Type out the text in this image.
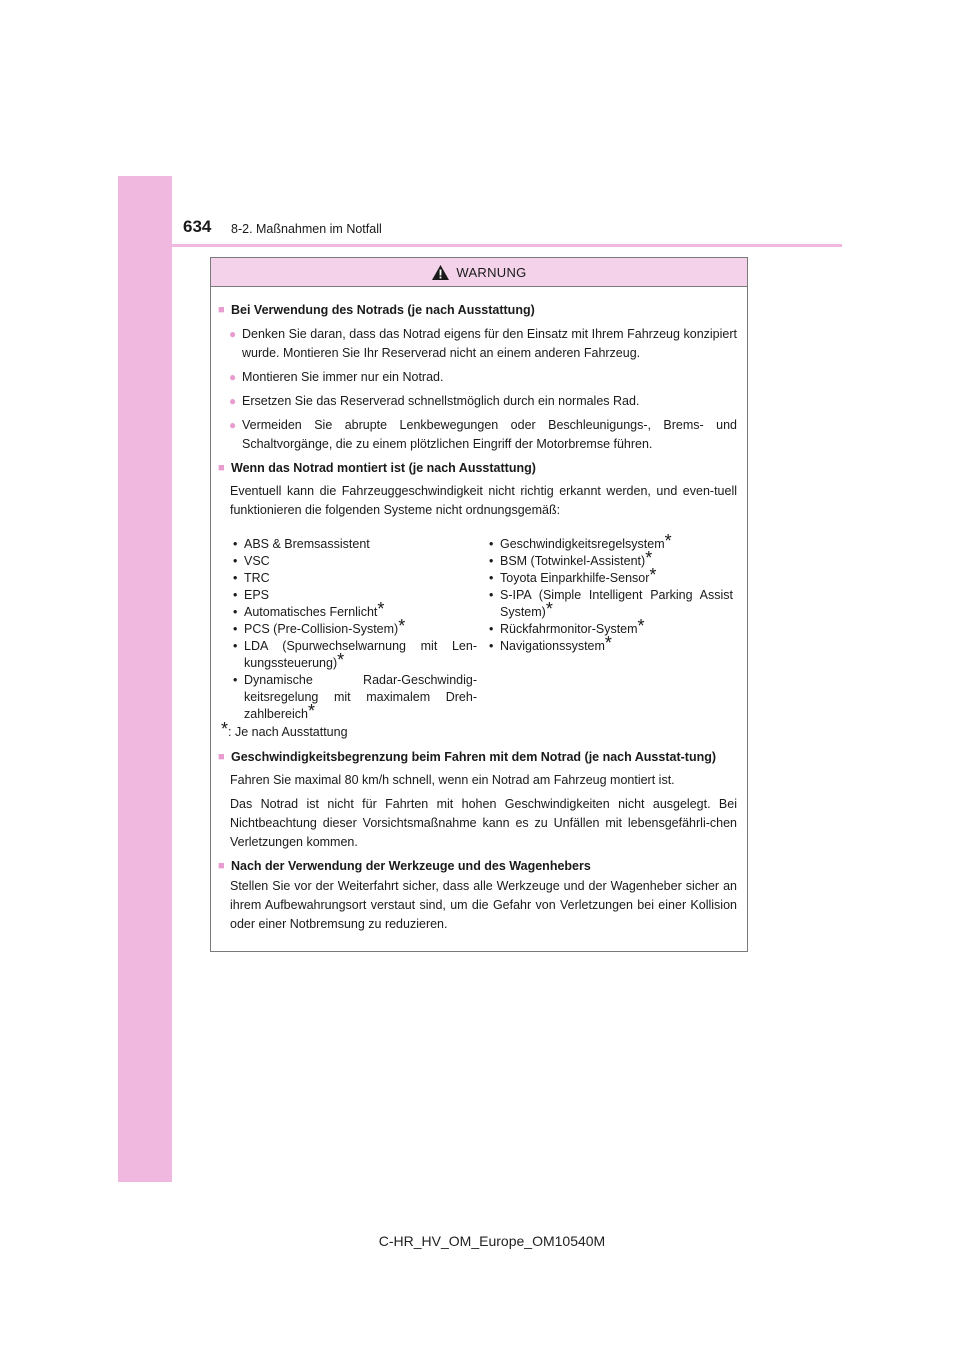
634 8-2. Maßnahmen im Notfall
WARNUNG
■ Bei Verwendung des Notrads (je nach Ausstattung)
● Denken Sie daran, dass das Notrad eigens für den Einsatz mit Ihrem Fahrzeug konzipiert wurde. Montieren Sie Ihr Reserverad nicht an einem anderen Fahrzeug.
● Montieren Sie immer nur ein Notrad.
● Ersetzen Sie das Reserverad schnellstmöglich durch ein normales Rad.
● Vermeiden Sie abrupte Lenkbewegungen oder Beschleunigungs-, Brems- und Schaltvorgänge, die zu einem plötzlichen Eingriff der Motorbremse führen.
■ Wenn das Notrad montiert ist (je nach Ausstattung)
Eventuell kann die Fahrzeuggeschwindigkeit nicht richtig erkannt werden, und even-tuell funktionieren die folgenden Systeme nicht ordnungsgemäß:
• ABS & Bremsassistent
• VSC
• TRC
• EPS
• Automatisches Fernlicht*
• PCS (Pre-Collision-System)*
• LDA (Spurwechselwarnung mit Len-kungssteuerung)*
• Dynamische Radar-Geschwindig-keitsregelung mit maximalem Dreh-zahlbereich*
• Geschwindigkeitsregelsystem*
• BSM (Totwinkel-Assistent)*
• Toyota Einparkhilfe-Sensor*
• S-IPA (Simple Intelligent Parking Assist System)*
• Rückfahrmonitor-System*
• Navigationssystem*
*: Je nach Ausstattung
■ Geschwindigkeitsbegrenzung beim Fahren mit dem Notrad (je nach Ausstat-tung)
Fahren Sie maximal 80 km/h schnell, wenn ein Notrad am Fahrzeug montiert ist.
Das Notrad ist nicht für Fahrten mit hohen Geschwindigkeiten nicht ausgelegt. Bei Nichtbeachtung dieser Vorsichtsmaßnahme kann es zu Unfällen mit lebensgefährli-chen Verletzungen kommen.
■ Nach der Verwendung der Werkzeuge und des Wagenhebers
Stellen Sie vor der Weiterfahrt sicher, dass alle Werkzeuge und der Wagenheber sicher an ihrem Aufbewahrungsort verstaut sind, um die Gefahr von Verletzungen bei einer Kollision oder einer Notbremsung zu reduzieren.
C-HR_HV_OM_Europe_OM10540M
